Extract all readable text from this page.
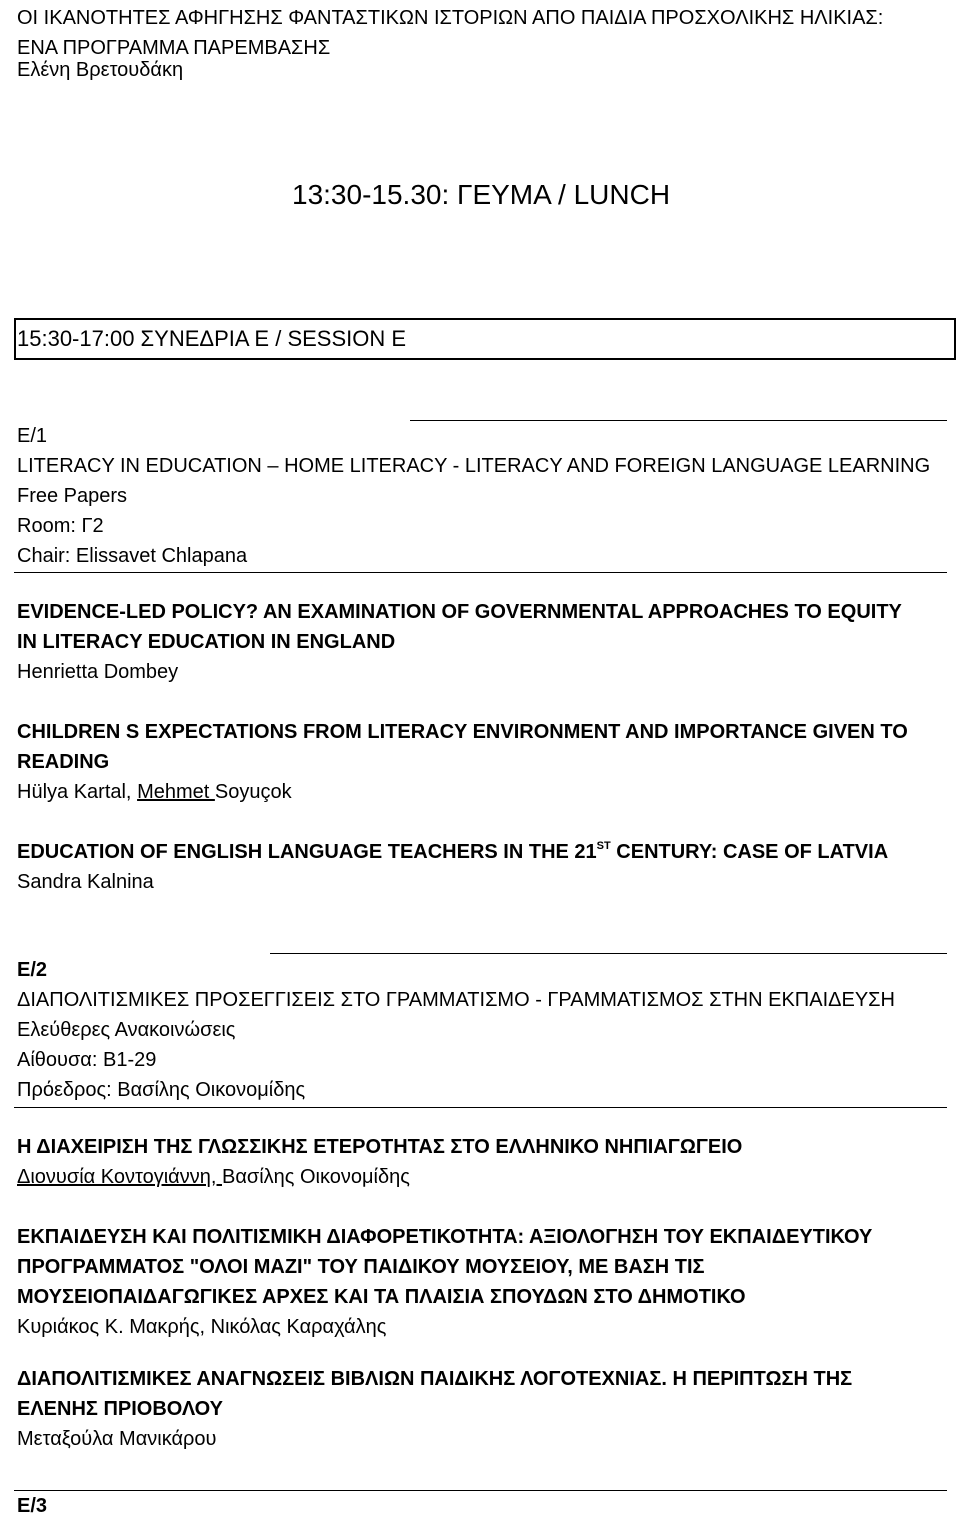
ΟΙ ΙΚΑΝΟΤΗΤΕΣ ΑΦΗΓΗΣΗΣ ΦΑΝΤΑΣΤΙΚΩΝ ΙΣΤΟΡΙΩΝ ΑΠΟ ΠΑΙΔΙΑ ΠΡΟΣΧΟΛΙΚΗΣ ΗΛΙΚΙΑΣ:
ΕΝΑ ΠΡΟΓΡΑΜΜΑ ΠΑΡΕΜΒΑΣΗΣ
Ελένη Βρετουδάκη
13:30-15.30: ΓΕΥΜΑ / LUNCH
15:30-17:00 ΣΥΝΕΔΡΙΑ Ε / SESSION E
E/1
LITERACY IN EDUCATION – HOME LITERACY - LITERACY AND FOREIGN LANGUAGE LEARNING
Free Papers
Room: Γ2
Chair: Elissavet Chlapana
EVIDENCE-LED POLICY? AN EXAMINATION OF GOVERNMENTAL APPROACHES TO EQUITY
IN LITERACY EDUCATION IN ENGLAND
Henrietta Dombey
CHILDREN S EXPECTATIONS FROM LITERACY ENVIRONMENT AND IMPORTANCE GIVEN TO
READING
Hülya Kartal, Mehmet Soyuçok
EDUCATION OF ENGLISH LANGUAGE TEACHERS IN THE 21ST CENTURY: CASE OF LATVIA
Sandra Kalnina
E/2
ΔΙΑΠΟΛΙΤΙΣΜΙΚΕΣ ΠΡΟΣΕΓΓΙΣΕΙΣ ΣΤΟ ΓΡΑΜΜΑΤΙΣΜΟ - ΓΡΑΜΜΑΤΙΣΜΟΣ ΣΤΗΝ ΕΚΠΑΙΔΕΥΣΗ
Ελεύθερες Ανακοινώσεις
Αίθουσα: Β1-29
Πρόεδρος: Βασίλης Οικονομίδης
Η ΔΙΑΧΕΙΡΙΣΗ ΤΗΣ ΓΛΩΣΣΙΚΗΣ ΕΤΕΡΟΤΗΤΑΣ ΣΤΟ ΕΛΛΗΝΙΚΟ ΝΗΠΙΑΓΩΓΕΙΟ
Διονυσία Κοντογιάννη, Βασίλης Οικονομίδης
ΕΚΠΑΙΔΕΥΣΗ ΚΑΙ ΠΟΛΙΤΙΣΜΙΚΗ ΔΙΑΦΟΡΕΤΙΚΟΤΗΤΑ: ΑΞΙΟΛΟΓΗΣΗ ΤΟΥ ΕΚΠΑΙΔΕΥΤΙΚΟΥ
ΠΡΟΓΡΑΜΜΑΤΟΣ "ΟΛΟΙ ΜΑΖΙ" ΤΟΥ ΠΑΙΔΙΚΟΥ ΜΟΥΣΕΙΟΥ, ΜΕ ΒΑΣΗ ΤΙΣ
ΜΟΥΣΕΙΟΠΑΙΔΑΓΩΓΙΚΕΣ ΑΡΧΕΣ ΚΑΙ ΤΑ ΠΛΑΙΣΙΑ ΣΠΟΥΔΩΝ ΣΤΟ ΔΗΜΟΤΙΚΟ
Κυριάκος Κ. Μακρής, Νικόλας Καραχάλης
ΔΙΑΠΟΛΙΤΙΣΜΙΚΕΣ ΑΝΑΓΝΩΣΕΙΣ ΒΙΒΛΙΩΝ ΠΑΙΔΙΚΗΣ ΛΟΓΟΤΕΧΝΙΑΣ. Η ΠΕΡΙΠΤΩΣΗ ΤΗΣ
ΕΛΕΝΗΣ ΠΡΙΟΒΟΛΟΥ
Μεταξούλα Μανικάρου
E/3
